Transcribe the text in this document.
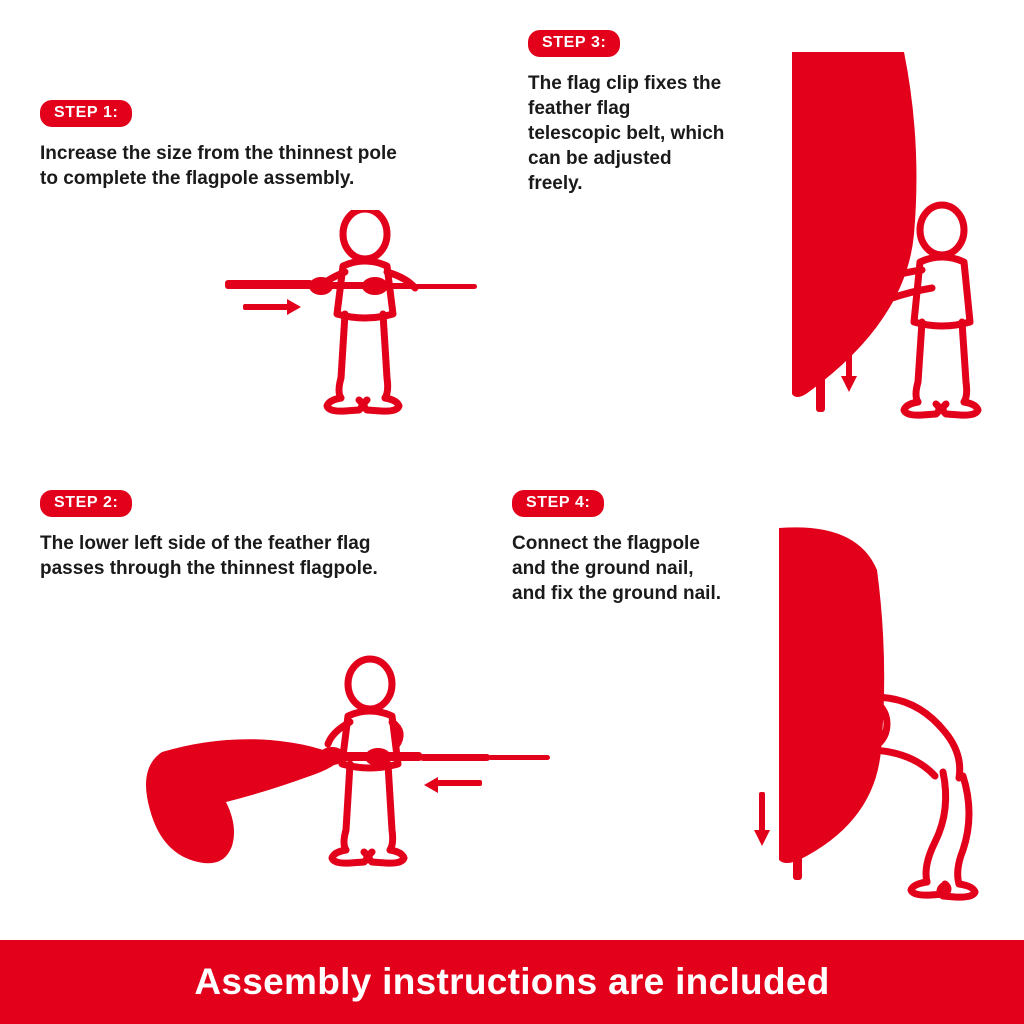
STEP 1:
Increase the size from the thinnest pole to complete the flagpole assembly.
STEP 2:
The lower left side of the feather flag passes through the thinnest flagpole.
STEP 3:
The flag clip fixes the feather flag telescopic belt, which can be adjusted freely.
STEP 4:
Connect the flagpole and the ground nail, and fix the ground nail.
Assembly instructions are included
